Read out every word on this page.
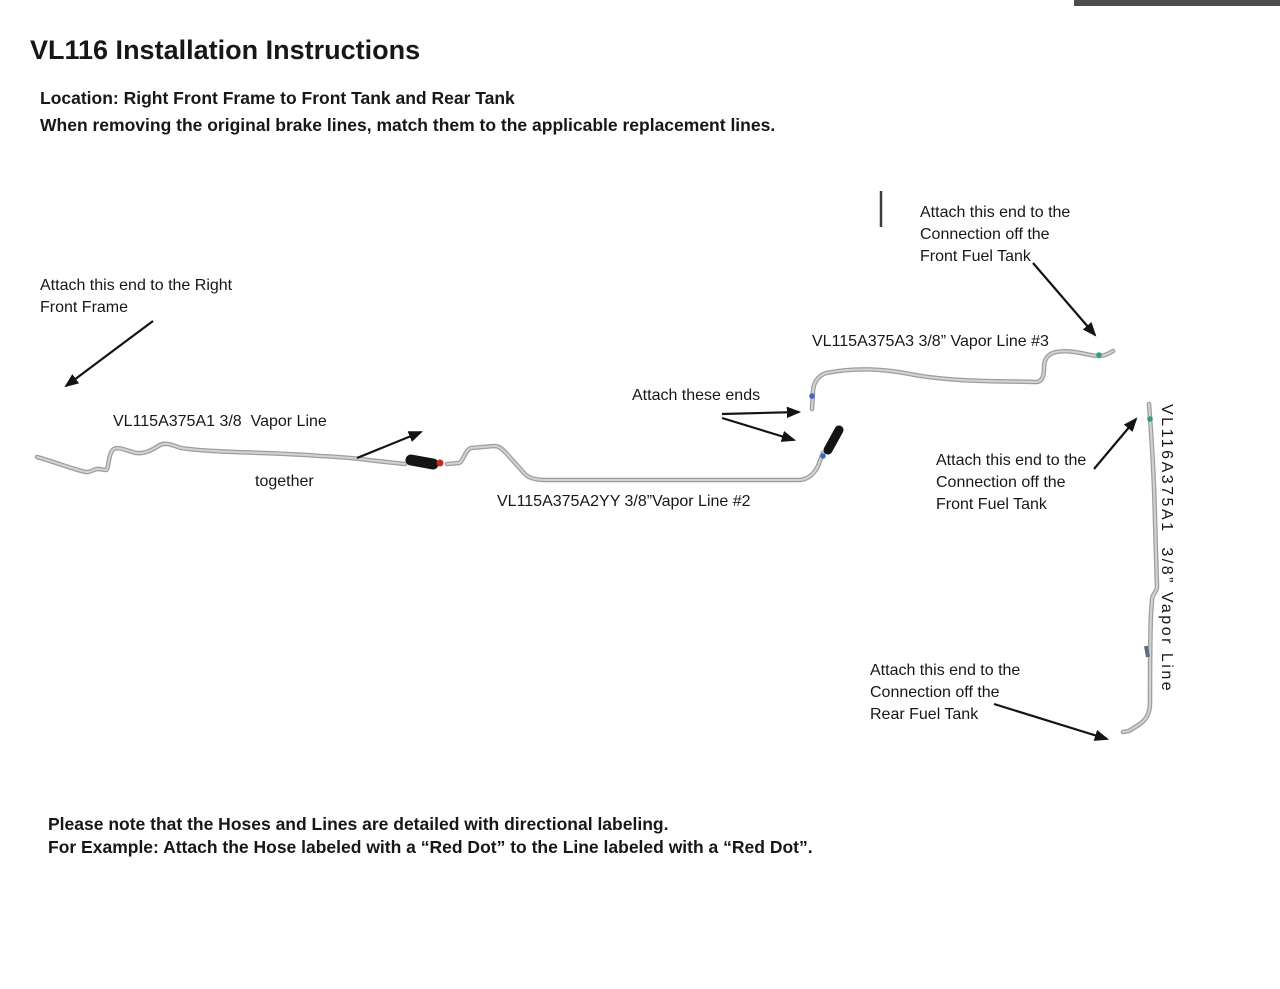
VL116 Installation Instructions
Location: Right Front Frame to Front Tank and Rear Tank
When removing the original brake lines, match them to the applicable replacement lines.
Attach this end to the Right Front Frame
Attach this end to the Connection off the Front Fuel Tank
VL115A375A3 3/8” Vapor Line #3
Attach these ends
VL115A375A1 3/8  Vapor Line
together
VL115A375A2YY 3/8”Vapor Line #2
Attach this end to the Connection off the Front Fuel Tank	VL116A375A1  3/8” Vapor Line
Attach this end to the Connection off the Rear Fuel Tank
Please note that the Hoses and Lines are detailed with directional labeling.
For Example: Attach the Hose labeled with a “Red Dot” to the Line labeled with a “Red Dot”.
